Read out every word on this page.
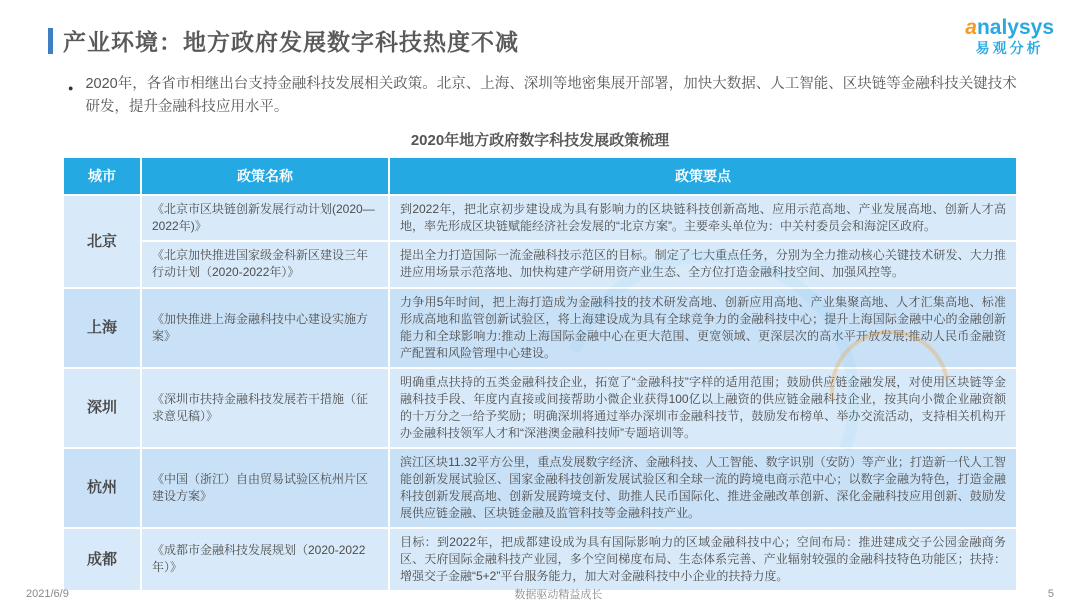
产业环境：地方政府发展数字科技热度不减
analysys
易观分析
● 2020年，各省市相继出台支持金融科技发展相关政策。北京、上海、深圳等地密集展开部署，加快大数据、人工智能、区块链等金融科技关键技术研发，提升金融科技应用水平。

2020年地方政府数字科技发展政策梳理
城市	政策名称	政策要点
北京	《北京市区块链创新发展行动计划(2020—2022年)》	到2022年，把北京初步建设成为具有影响力的区块链科技创新高地、应用示范高地、产业发展高地、创新人才高地，率先形成区块链赋能经济社会发展的“北京方案”。主要牵头单位为：中关村委员会和海淀区政府。
	《北京加快推进国家级金科新区建设三年行动计划（2020-2022年）》	提出全力打造国际一流金融科技示范区的目标。制定了七大重点任务，分别为全力推动核心关键技术研发、大力推进应用场景示范落地、加快构建产学研用资产业生态、全方位打造金融科技空间、加强风控等。
上海	《加快推进上海金融科技中心建设实施方案》	力争用5年时间，把上海打造成为金融科技的技术研发高地、创新应用高地、产业集聚高地、人才汇集高地、标准形成高地和监管创新试验区，将上海建设成为具有全球竞争力的金融科技中心；提升上海国际金融中心的金融创新能力和全球影响力:推动上海国际金融中心在更大范围、更宽领域、更深层次的高水平开放发展;推动人民币金融资产配置和风险管理中心建设。
深圳	《深圳市扶持金融科技发展若干措施（征求意见稿）》	明确重点扶持的五类金融科技企业，拓宽了“金融科技”字样的适用范围；鼓励供应链金融发展，对使用区块链等金融科技手段、年度内直接或间接帮助小微企业获得100亿以上融资的供应链金融科技企业，按其向小微企业融资额的十万分之一给予奖励；明确深圳将通过举办深圳市金融科技节，鼓励发布榜单、举办交流活动，支持相关机构开办金融科技领军人才和“深港澳金融科技师”专题培训等。
杭州	《中国（浙江）自由贸易试验区杭州片区建设方案》	滨江区块11.32平方公里，重点发展数字经济、金融科技、人工智能、数字识别（安防）等产业；打造新一代人工智能创新发展试验区、国家金融科技创新发展试验区和全球一流的跨境电商示范中心；以数字金融为特色，打造金融科技创新发展高地、创新发展跨境支付、助推人民币国际化、推进金融改革创新、深化金融科技应用创新、鼓励发展供应链金融、区块链金融及监管科技等金融科技产业。
成都	《成都市金融科技发展规划（2020-2022年）》	目标：到2022年，把成都建设成为具有国际影响力的区域金融科技中心；空间布局：推进建成交子公园金融商务区、天府国际金融科技产业园，多个空间梯度布局、生态体系完善、产业辐射较强的金融科技特色功能区；扶持：增强交子金融“5+2”平台服务能力，加大对金融科技中小企业的扶持力度。
2021/6/9	数据驱动精益成长	5
